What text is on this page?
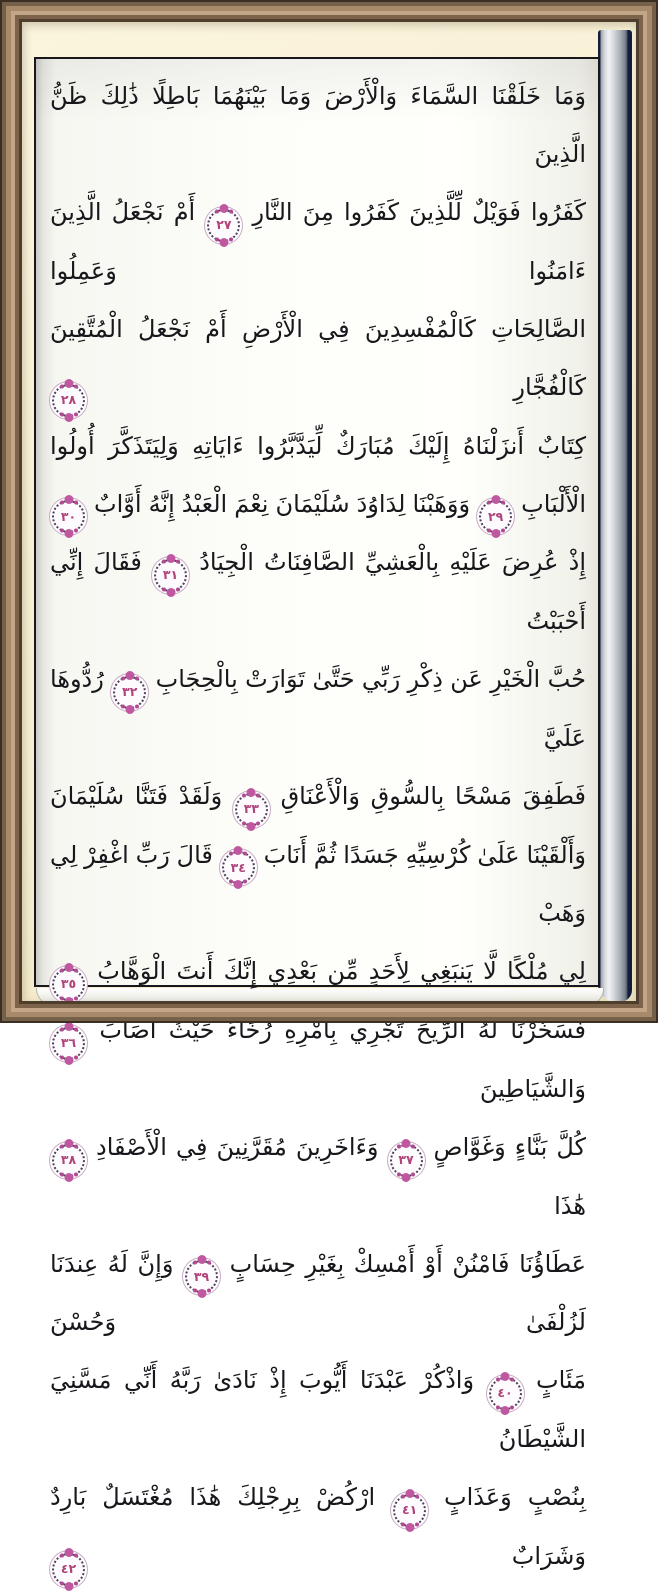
وَمَا خَلَقْنَا السَّمَاءَ وَالْأَرْضَ وَمَا بَيْنَهُمَا بَاطِلًا ذَٰلِكَ ظَنُّ الَّذِينَ
كَفَرُوا فَوَيْلٌ لِّلَّذِينَ كَفَرُوا مِنَ النَّارِ
٢٧
أَمْ نَجْعَلُ الَّذِينَ ءَامَنُوا وَعَمِلُوا
الصَّالِحَاتِ كَالْمُفْسِدِينَ فِي الْأَرْضِ أَمْ نَجْعَلُ الْمُتَّقِينَ كَالْفُجَّارِ
٢٨
كِتَابٌ أَنزَلْنَاهُ إِلَيْكَ مُبَارَكٌ لِّيَدَّبَّرُوا ءَايَاتِهِ وَلِيَتَذَكَّرَ أُولُوا
الْأَلْبَابِ
٢٩
وَوَهَبْنَا لِدَاوُدَ سُلَيْمَانَ نِعْمَ الْعَبْدُ إِنَّهُ أَوَّابٌ
٣٠
إِذْ عُرِضَ عَلَيْهِ بِالْعَشِيِّ الصَّافِنَاتُ الْجِيَادُ
٣١
فَقَالَ إِنِّي أَحْبَبْتُ
حُبَّ الْخَيْرِ عَن ذِكْرِ رَبِّي حَتَّىٰ تَوَارَتْ بِالْحِجَابِ
٣٢
رُدُّوهَا عَلَيَّ
فَطَفِقَ مَسْحًا بِالسُّوقِ وَالْأَعْنَاقِ
٣٣
وَلَقَدْ فَتَنَّا سُلَيْمَانَ
وَأَلْقَيْنَا عَلَىٰ كُرْسِيِّهِ جَسَدًا ثُمَّ أَنَابَ
٣٤
قَالَ رَبِّ اغْفِرْ لِي وَهَبْ
لِي مُلْكًا لَّا يَنبَغِي لِأَحَدٍ مِّن بَعْدِي إِنَّكَ أَنتَ الْوَهَّابُ
٣٥
فَسَخَّرْنَا لَهُ الرِّيحَ تَجْرِي بِأَمْرِهِ رُخَاءً حَيْثُ أَصَابَ
٣٦
وَالشَّيَاطِينَ
كُلَّ بَنَّاءٍ وَغَوَّاصٍ
٣٧
وَءَاخَرِينَ مُقَرَّنِينَ فِي الْأَصْفَادِ
٣٨
هَٰذَا
عَطَاؤُنَا فَامْنُنْ أَوْ أَمْسِكْ بِغَيْرِ حِسَابٍ
٣٩
وَإِنَّ لَهُ عِندَنَا لَزُلْفَىٰ وَحُسْنَ
مَئَابٍ
٤٠
وَاذْكُرْ عَبْدَنَا أَيُّوبَ إِذْ نَادَىٰ رَبَّهُ أَنِّي مَسَّنِيَ الشَّيْطَانُ
بِنُصْبٍ وَعَذَابٍ
٤١
ارْكُضْ بِرِجْلِكَ هَٰذَا مُغْتَسَلٌ بَارِدٌ وَشَرَابٌ
٤٢
